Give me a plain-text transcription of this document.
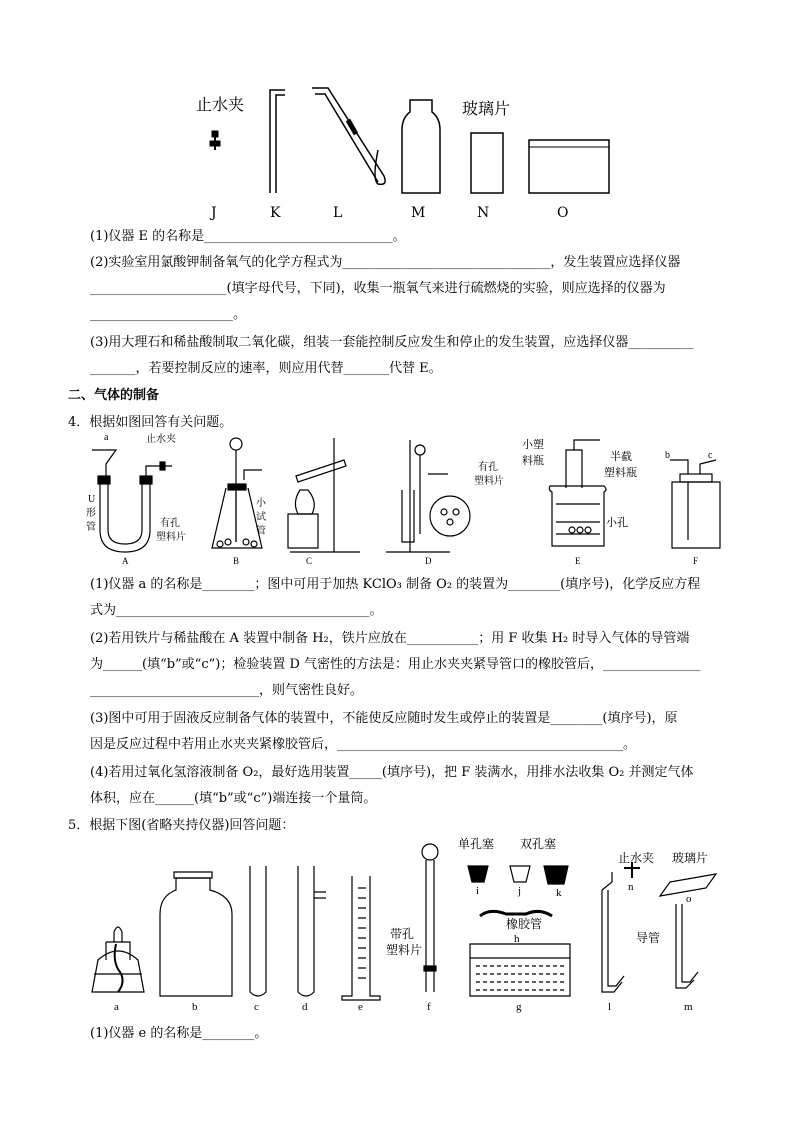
止水夹	玻璃片
J	K	L	M	N	O
(1)仪器 E 的名称是_____________________________。
(2)实验室用氯酸钾制备氧气的化学方程式为________________________________，发生装置应选择仪器
_____________________(填字母代号，下同)，收集一瓶氧气来进行硫燃烧的实验，则应选择的仪器为
______________________。
(3)用大理石和稀盐酸制取二氧化碳，组装一套能控制反应发生和停止的发生装置，应选择仪器__________
_______，若要控制反应的速率，则应用代替_______代替 E。
二、气体的制备
4．根据如图回答有关问题。
a	止水夹
U
形
管	有孔
塑料片
小
试
管
有孔
塑料片
小塑
料瓶	半截
塑料瓶
小孔
b	c
A	B	C	D	E	F
(1)仪器 a 的名称是________；图中可用于加热 KClO₃ 制备 O₂ 的装置为________(填序号)，化学反应方程
式为_______________________________________。
(2)若用铁片与稀盐酸在 A 装置中制备 H₂，铁片应放在___________；用 F 收集 H₂ 时导入气体的导管端
为______(填“b”或“c”)；检验装置 D 气密性的方法是：用止水夹夹紧导管口的橡胶管后，_______________
__________________________，则气密性良好。
(3)图中可用于固液反应制备气体的装置中，不能使反应随时发生或停止的装置是________(填序号)，原
因是反应过程中若用止水夹夹紧橡胶管后，____________________________________________。
(4)若用过氧化氢溶液制备 O₂，最好选用装置_____(填序号)，把 F 装满水，用排水法收集 O₂ 并测定气体
体积，应在______(填“b”或“c”)端连接一个量筒。
5．根据下图(省略夹持仪器)回答问题：
单孔塞 双孔塞
止水夹 玻璃片
橡胶管
带孔
塑料片
导管
a	b	c	d	e	f	g
h
i	j	k
l	m
n
o
(1)仪器 e 的名称是________。
